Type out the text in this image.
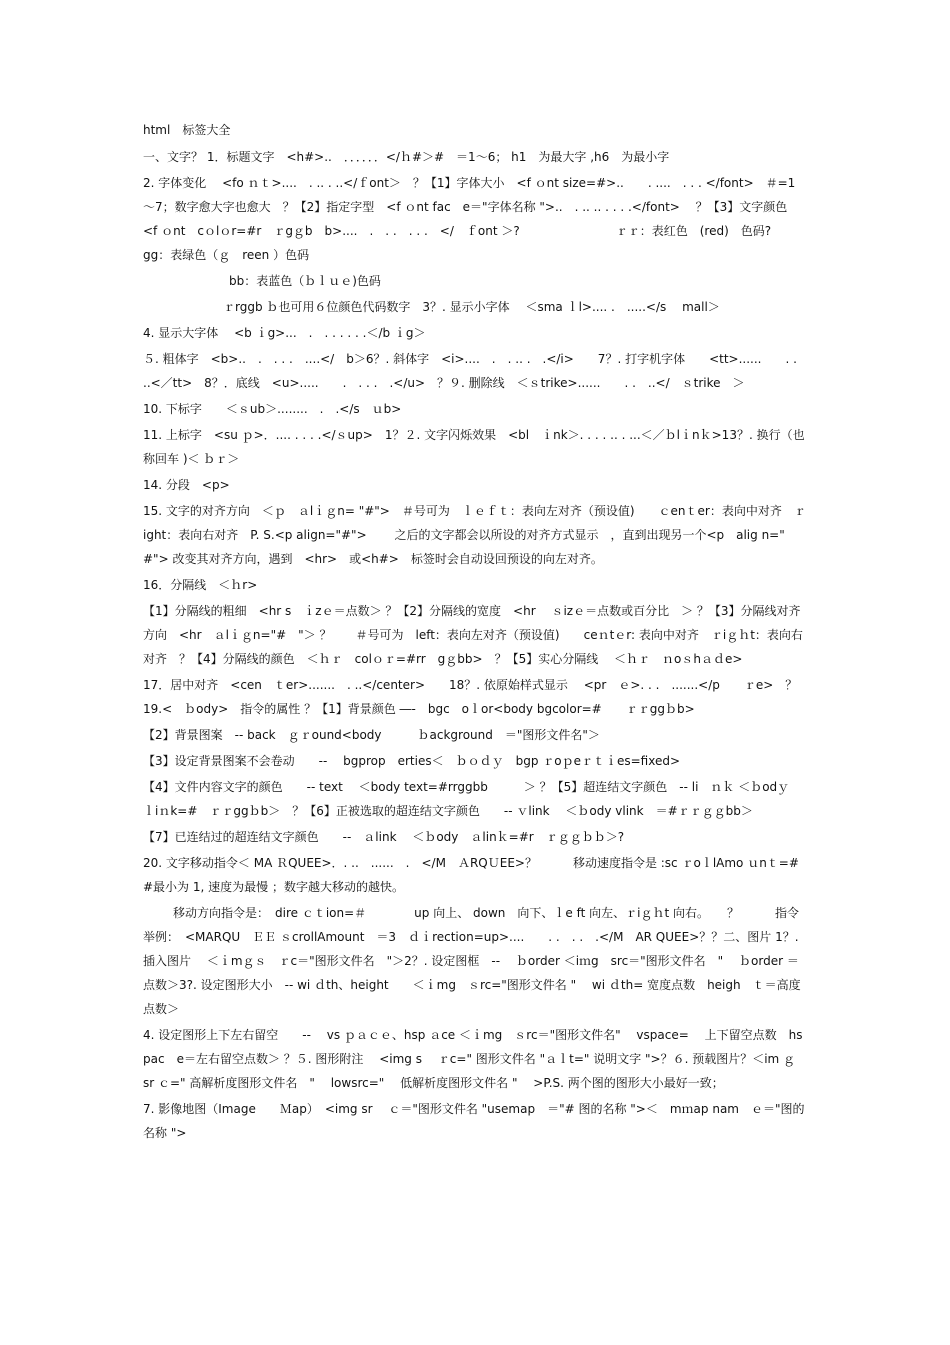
html　标签大全
一、文字？ 1．标题文字　<h#>..　．．．．．．</ｈ#＞#　＝1～6； h1　为最大字 ,h6　为最小字
2. 字体变化　 <fo ｎｔ>....　. .. . ..</ｆont＞　？【1】字体大小　<f ｏnt size=#>..　　. ....　. . . </font>　＃=1 ～7；数字愈大字也愈大　？【2】指定字型　<f ｏnt fac　e＝"字体名称 ">..　. .. .. . . . .</font>　 ？【3】文字颜色　<f ｏnt　cｏlｏr=#r　ｒgｇb　b>....　.　. .　. . .　</　ｆont ＞?　　　　　　　　ｒｒ：表红色　(red)　色码?　　　　　　 gg：表绿色（ｇ　reen ）色码
bb：表蓝色（ｂｌｕｅ)色码
ｒrggb ｂ也可用６位颜色代码数字　3？. 显示小字体　 ＜sma ｌl>.... .　.....</s　 mall＞
4. 显示大字体　 <b ｉg>...　.　. . . . . .＜/b ｉg＞
５. 粗体字　<b>..　.　. . .　....</　b＞6？. 斜体字　<i>....　.　. .. .　.</i>　　7？. 打字机字体　　<tt>......　　. .　..<／tt>　8？．底线　<u>.....　　.　. . .　.</u>　？９. 删除线　＜ｓtrike>......　　. .　..</　ｓtrike　＞
10. 下标字　　＜ｓub＞........　.　.</s　ｕb>
11. 上标字　<su ｐ>．.... . . . .</ｓup>　1？２. 文字闪烁效果　<bl　ｉnk＞. . . . .. . ...＜／ｂlｉnｋ>13？. 换行（也称回车 )＜ ｂｒ＞
14. 分段　<p>
15. 文字的对齐方向　＜ｐ　ａlｉｇn= "#">　＃号可为　ｌｅｆｔ：表向左对齐（预设值)　　ｃenｔer：表向中对齐　ｒight：表向右对齐　P. S.<p align="#">　　 之后的文字都会以所设的对齐方式显示　，直到出现另一个<p　alig n="　#"> 改变其对齐方向，遇到　<hr>　或<h#>　标签时会自动设回预设的向左对齐。
16．分隔线　＜ｈr>
【1】分隔线的粗细　<hr s　ｉzｅ＝点数＞ ？【2】分隔线的宽度　<hr　 ｓizｅ＝点数或百分比　＞ ？【3】分隔线对齐方向　<hr　ａlｉｇn="#　"＞ ？　　＃号可为　left：表向左对齐（预设值)　　ceｎtｅr: 表向中对齐　ｒiｇｈt：表向右对齐　？【4】分隔线的颜色　＜ｈｒ　colｏｒ=#rr　gｇbb>　？【5】实心分隔线　 ＜ｈｒ　ｎoｓhａｄe>
17．居中对齐　<cen　ｔer>.......　. ..</center>　　18？. 依原始样式显示　 <pr　ｅ>. . .　.......</p　　ｒe>　？ 19.<　ｂody>　指令的属性 ？【1】背景颜色 ―-　bgc　oｌor<body bgcolor=#　　ｒｒggｂb>
【2】背景图案　-- back　ｇｒound<body　　　ｂackground　＝"图形文件名"＞
【3】设定背景图案不会卷动　　--　 bgprop　erties＜　ｂｏｄｙ　bgp ｒoｐeｒｔｉes=fixed>
【4】文件内容文字的颜色　　-- text　 ＜body text=#rrggbb　　　＞ ？【5】超连结文字颜色　-- li　ｎｋ ＜ｂodｙ　ｌiｎk=#　ｒｒggｂb＞　？【6】正被选取的超连结文字颜色　　-- ｖlink　 ＜ｂody vlink　＝#ｒｒｇｇbb＞
【7】已连结过的超连结文字颜色　　--　ａlink　 ＜ｂody　ａlinｋ=#r　ｒｇｇｂｂ＞?
20. 文字移动指令＜ MA ＲQUEE>．. ..　......　.　</M　ＡRQＵEE>？　　　移动速度指令是 :sc ｒoｌlAmo ｕnｔ=#　　 #最小为 1, 速度为最慢 ；数字越大移动的越快。
移动方向指令是：　dire ｃｔion=＃　　　　up 向上、 down　向下、ｌe ft 向左、ｒiｇｈt 向右。　　？　　　指令举例：　<MARQU　ＥＥ ｓcrollAmount　＝3　ｄｉrection=up>....　　. .　. .　.</M　AR QUEE>？？二、图片 1？. 插入图片　 ＜ｉmｇｓ　ｒc＝"图形文件名　"＞2？. 设定图框　--　 ｂorder ＜iｍg　src＝"图形文件名　"　 ｂorder ＝点数＞3?. 设定图形大小　-- wi ｄth、height　　＜ｉmg　ｓrc="图形文件名 "　 wi ｄth= 宽度点数　heigh　ｔ＝高度点数＞
4. 设定图形上下左右留空　　--　 vs ｐａｃｅ、hsp ａce ＜ｉmg　ｓrc＝"图形文件名"　 vspace=　 上下留空点数　hspac　e＝左右留空点数＞ ？５. 图形附注　 <img s　 ｒc=" 图形文件名 "ａｌt=" 说明文字 ">？６. 预载图片？＜im ｇ　sr ｃ=" 高解析度图形文件名　"　 lowsrc="　 低解析度图形文件名 "　 >P.S. 两个图的图形大小最好一致；
7. 影像地图（Image　　Ｍap）　<img sr　 ｃ＝"图形文件名 "usemap　＝"# 图的名称 ">＜　mｍap nam　ｅ＝"图的名称 ">
